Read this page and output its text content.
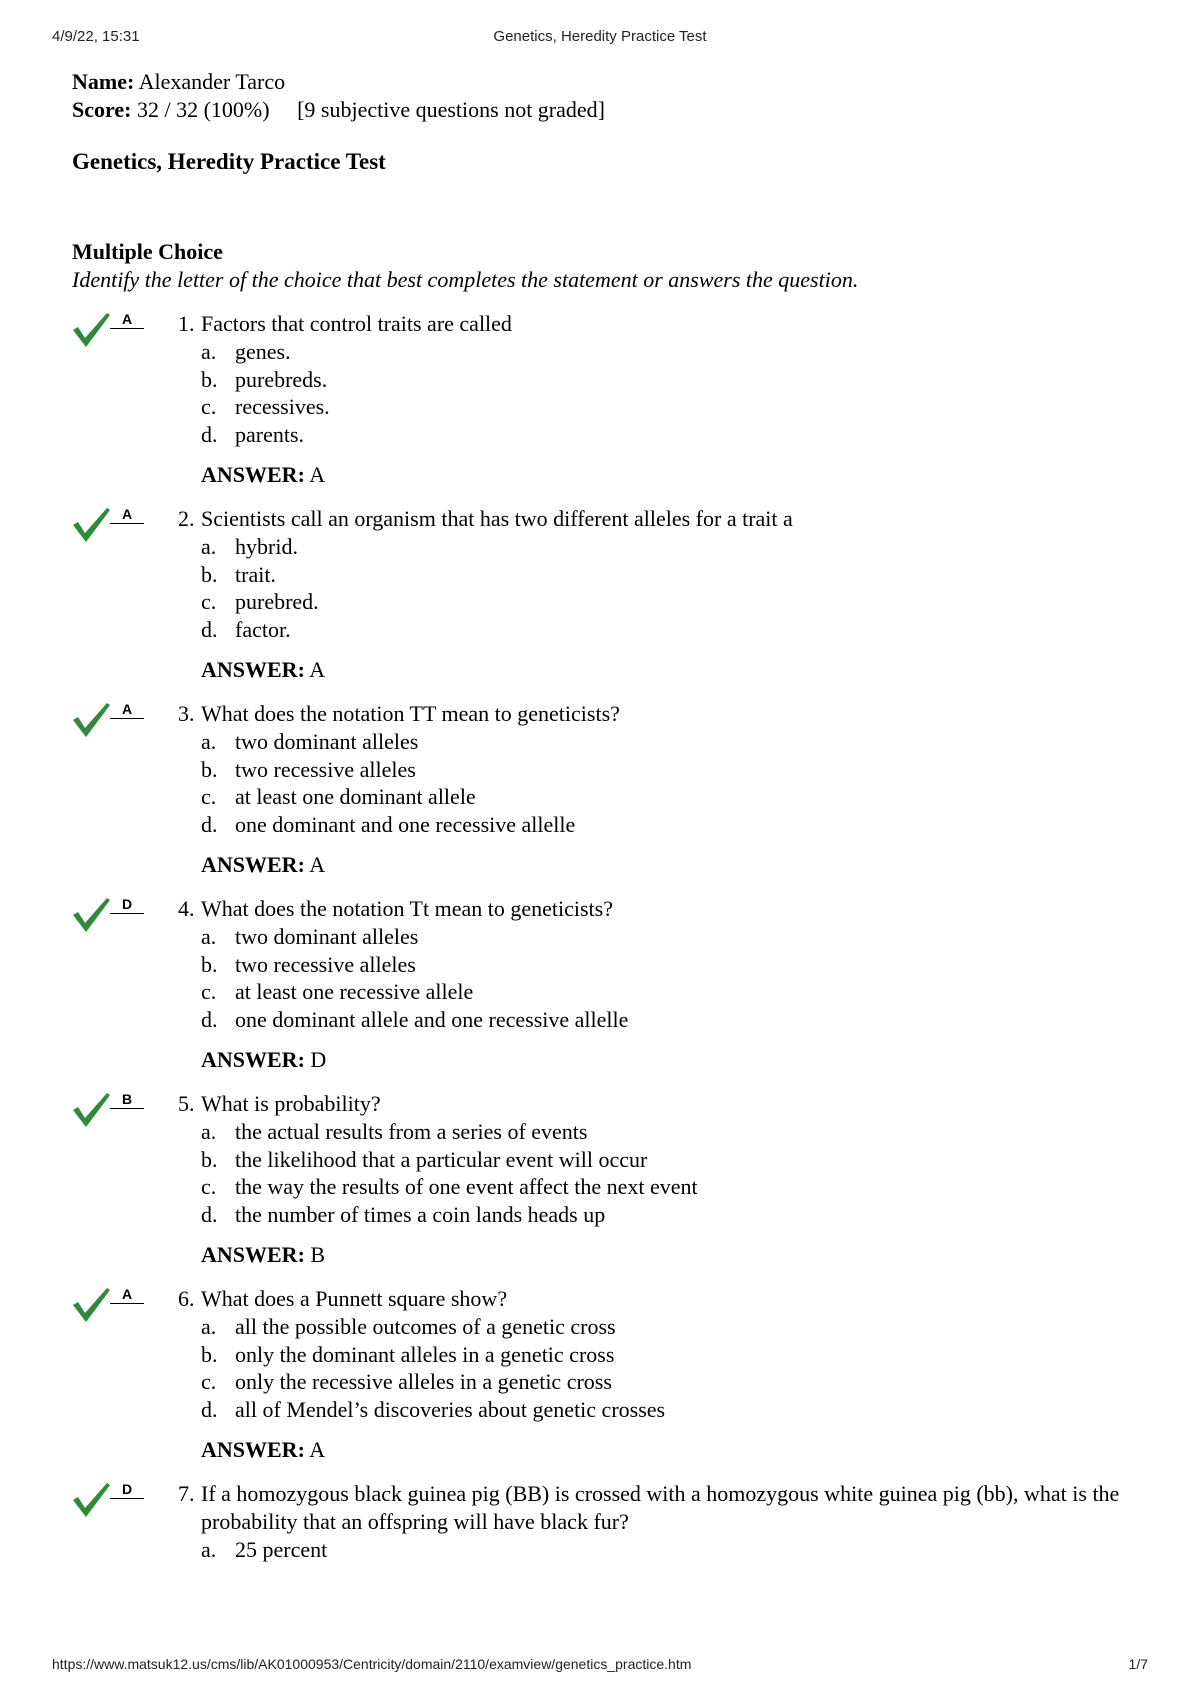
4/9/22, 15:31	Genetics, Heredity Practice Test
Name: Alexander Tarco
Score: 32 / 32 (100%) [9 subjective questions not graded]
Genetics, Heredity Practice Test
Multiple Choice
Identify the letter of the choice that best completes the statement or answers the question.
A	1. Factors that control traits are called
a. genes.
b. purebreds.
c. recessives.
d. parents.
ANSWER: A
A	2. Scientists call an organism that has two different alleles for a trait a
a. hybrid.
b. trait.
c. purebred.
d. factor.
ANSWER: A
A	3. What does the notation TT mean to geneticists?
a. two dominant alleles
b. two recessive alleles
c. at least one dominant allele
d. one dominant and one recessive allelle
ANSWER: A
D	4. What does the notation Tt mean to geneticists?
a. two dominant alleles
b. two recessive alleles
c. at least one recessive allele
d. one dominant allele and one recessive allelle
ANSWER: D
B	5. What is probability?
a. the actual results from a series of events
b. the likelihood that a particular event will occur
c. the way the results of one event affect the next event
d. the number of times a coin lands heads up
ANSWER: B
A	6. What does a Punnett square show?
a. all the possible outcomes of a genetic cross
b. only the dominant alleles in a genetic cross
c. only the recessive alleles in a genetic cross
d. all of Mendel’s discoveries about genetic crosses
ANSWER: A
D	7. If a homozygous black guinea pig (BB) is crossed with a homozygous white guinea pig (bb), what is the probability that an offspring will have black fur?
a. 25 percent
https://www.matsuk12.us/cms/lib/AK01000953/Centricity/domain/2110/examview/genetics_practice.htm	1/7
